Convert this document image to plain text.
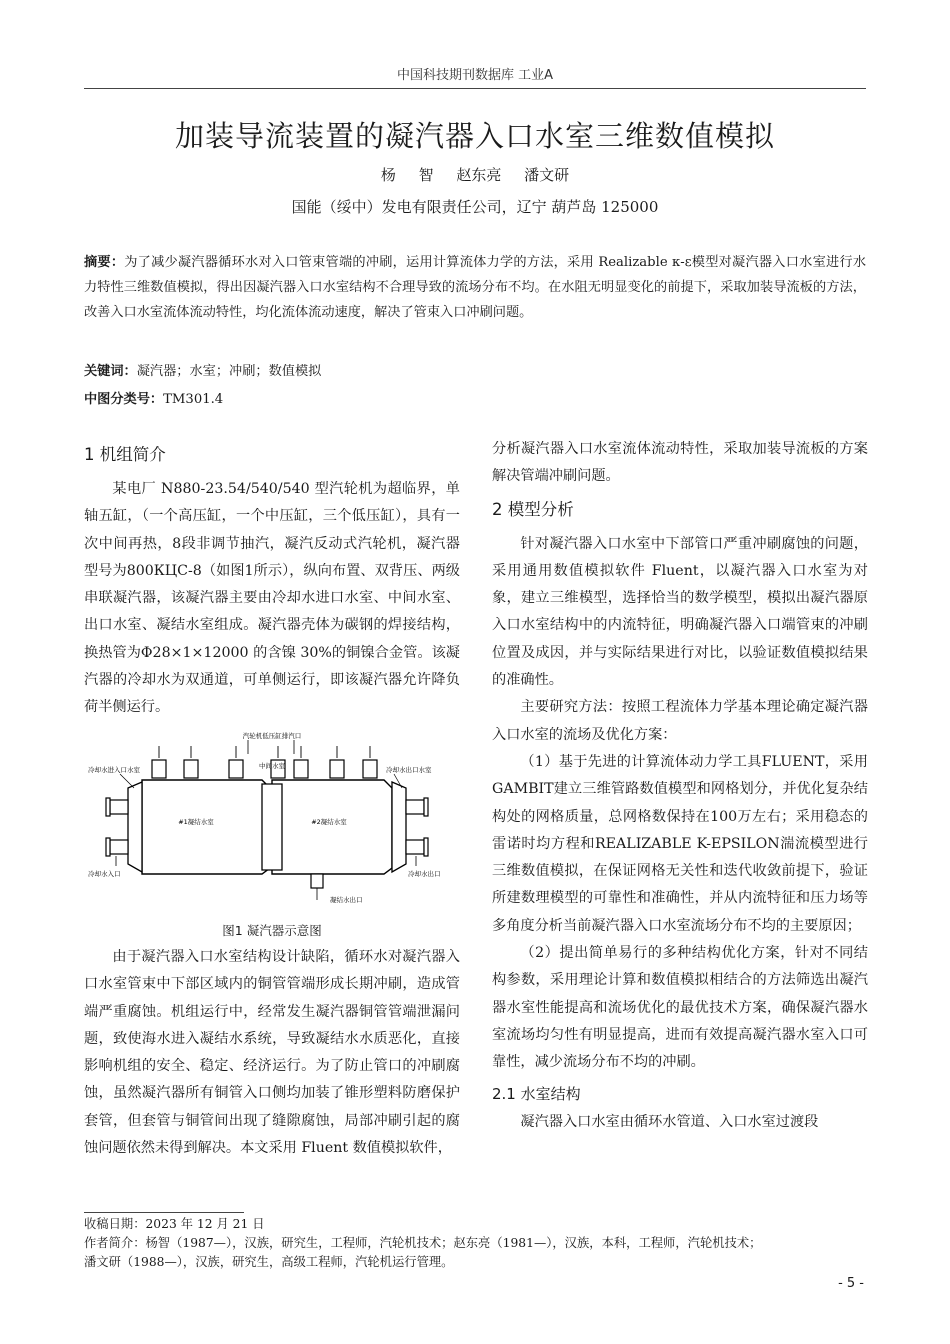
中国科技期刊数据库 工业A
加装导流装置的凝汽器入口水室三维数值模拟
杨 智 赵东亮 潘文研
国能（绥中）发电有限责任公司，辽宁 葫芦岛 125000
摘要：为了减少凝汽器循环水对入口管束管端的冲刷，运用计算流体力学的方法，采用 Realizable κ-ε模型对凝汽器入口水室进行水力特性三维数值模拟，得出因凝汽器入口水室结构不合理导致的流场分布不均。在水阻无明显变化的前提下，采取加装导流板的方法，改善入口水室流体流动特性，均化流体流动速度，解决了管束入口冲刷问题。
关键词：凝汽器；水室；冲刷；数值模拟
中图分类号：TM301.4
1 机组简介

某电厂 N880-23.54/540/540 型汽轮机为超临界，单轴五缸，（一个高压缸，一个中压缸，三个低压缸），具有一次中间再热，8段非调节抽汽，凝汽反动式汽轮机，凝汽器型号为800КЦС-8（如图1所示），纵向布置、双背压、两级串联凝汽器，该凝汽器主要由冷却水进口水室、中间水室、出口水室、凝结水室组成。凝汽器壳体为碳钢的焊接结构，换热管为Φ28×1×12000 的含镍 30%的铜镍合金管。该凝汽器的冷却水为双通道，可单侧运行，即该凝汽器允许降负荷半侧运行。

汽轮机低压缸排汽口
#1凝结水室	#2凝结水室
中间水室
冷却水进入口水室	冷却水出口水室
冷却水入口	冷却水出口
凝结水出口
图1 凝汽器示意图

由于凝汽器入口水室结构设计缺陷，循环水对凝汽器入口水室管束中下部区域内的铜管管端形成长期冲刷，造成管端严重腐蚀。机组运行中，经常发生凝汽器铜管管端泄漏问题，致使海水进入凝结水系统，导致凝结水水质恶化，直接影响机组的安全、稳定、经济运行。为了防止管口的冲刷腐蚀，虽然凝汽器所有铜管入口侧均加装了锥形塑料防磨保护套管，但套管与铜管间出现了缝隙腐蚀，局部冲刷引起的腐蚀问题依然未得到解决。本文采用 Fluent 数值模拟软件，

分析凝汽器入口水室流体流动特性，采取加装导流板的方案解决管端冲刷问题。

2 模型分析

针对凝汽器入口水室中下部管口严重冲刷腐蚀的问题，采用通用数值模拟软件 Fluent，以凝汽器入口水室为对象，建立三维模型，选择恰当的数学模型，模拟出凝汽器原入口水室结构中的内流特征，明确凝汽器入口端管束的冲刷位置及成因，并与实际结果进行对比，以验证数值模拟结果的准确性。

主要研究方法：按照工程流体力学基本理论确定凝汽器入口水室的流场及优化方案：

（1）基于先进的计算流体动力学工具FLUENT，采用GAMBIT建立三维管路数值模型和网格划分，并优化复杂结构处的网格质量，总网格数保持在100万左右；采用稳态的雷诺时均方程和REALIZABLE K-EPSILON湍流模型进行三维数值模拟，在保证网格无关性和迭代收敛前提下，验证所建数理模型的可靠性和准确性，并从内流特征和压力场等多角度分析当前凝汽器入口水室流场分布不均的主要原因；

（2）提出简单易行的多种结构优化方案，针对不同结构参数，采用理论计算和数值模拟相结合的方法筛选出凝汽器水室性能提高和流场优化的最优技术方案，确保凝汽器水室流场均匀性有明显提高，进而有效提高凝汽器水室入口可靠性，减少流场分布不均的冲刷。

2.1 水室结构

凝汽器入口水室由循环水管道、入口水室过渡段

收稿日期：2023 年 12 月 21 日
作者简介：杨智（1987—），汉族，研究生，工程师，汽轮机技术；赵东亮（1981—），汉族，本科，工程师，汽轮机技术；
潘文研（1988—），汉族，研究生，高级工程师，汽轮机运行管理。
- 5 -
